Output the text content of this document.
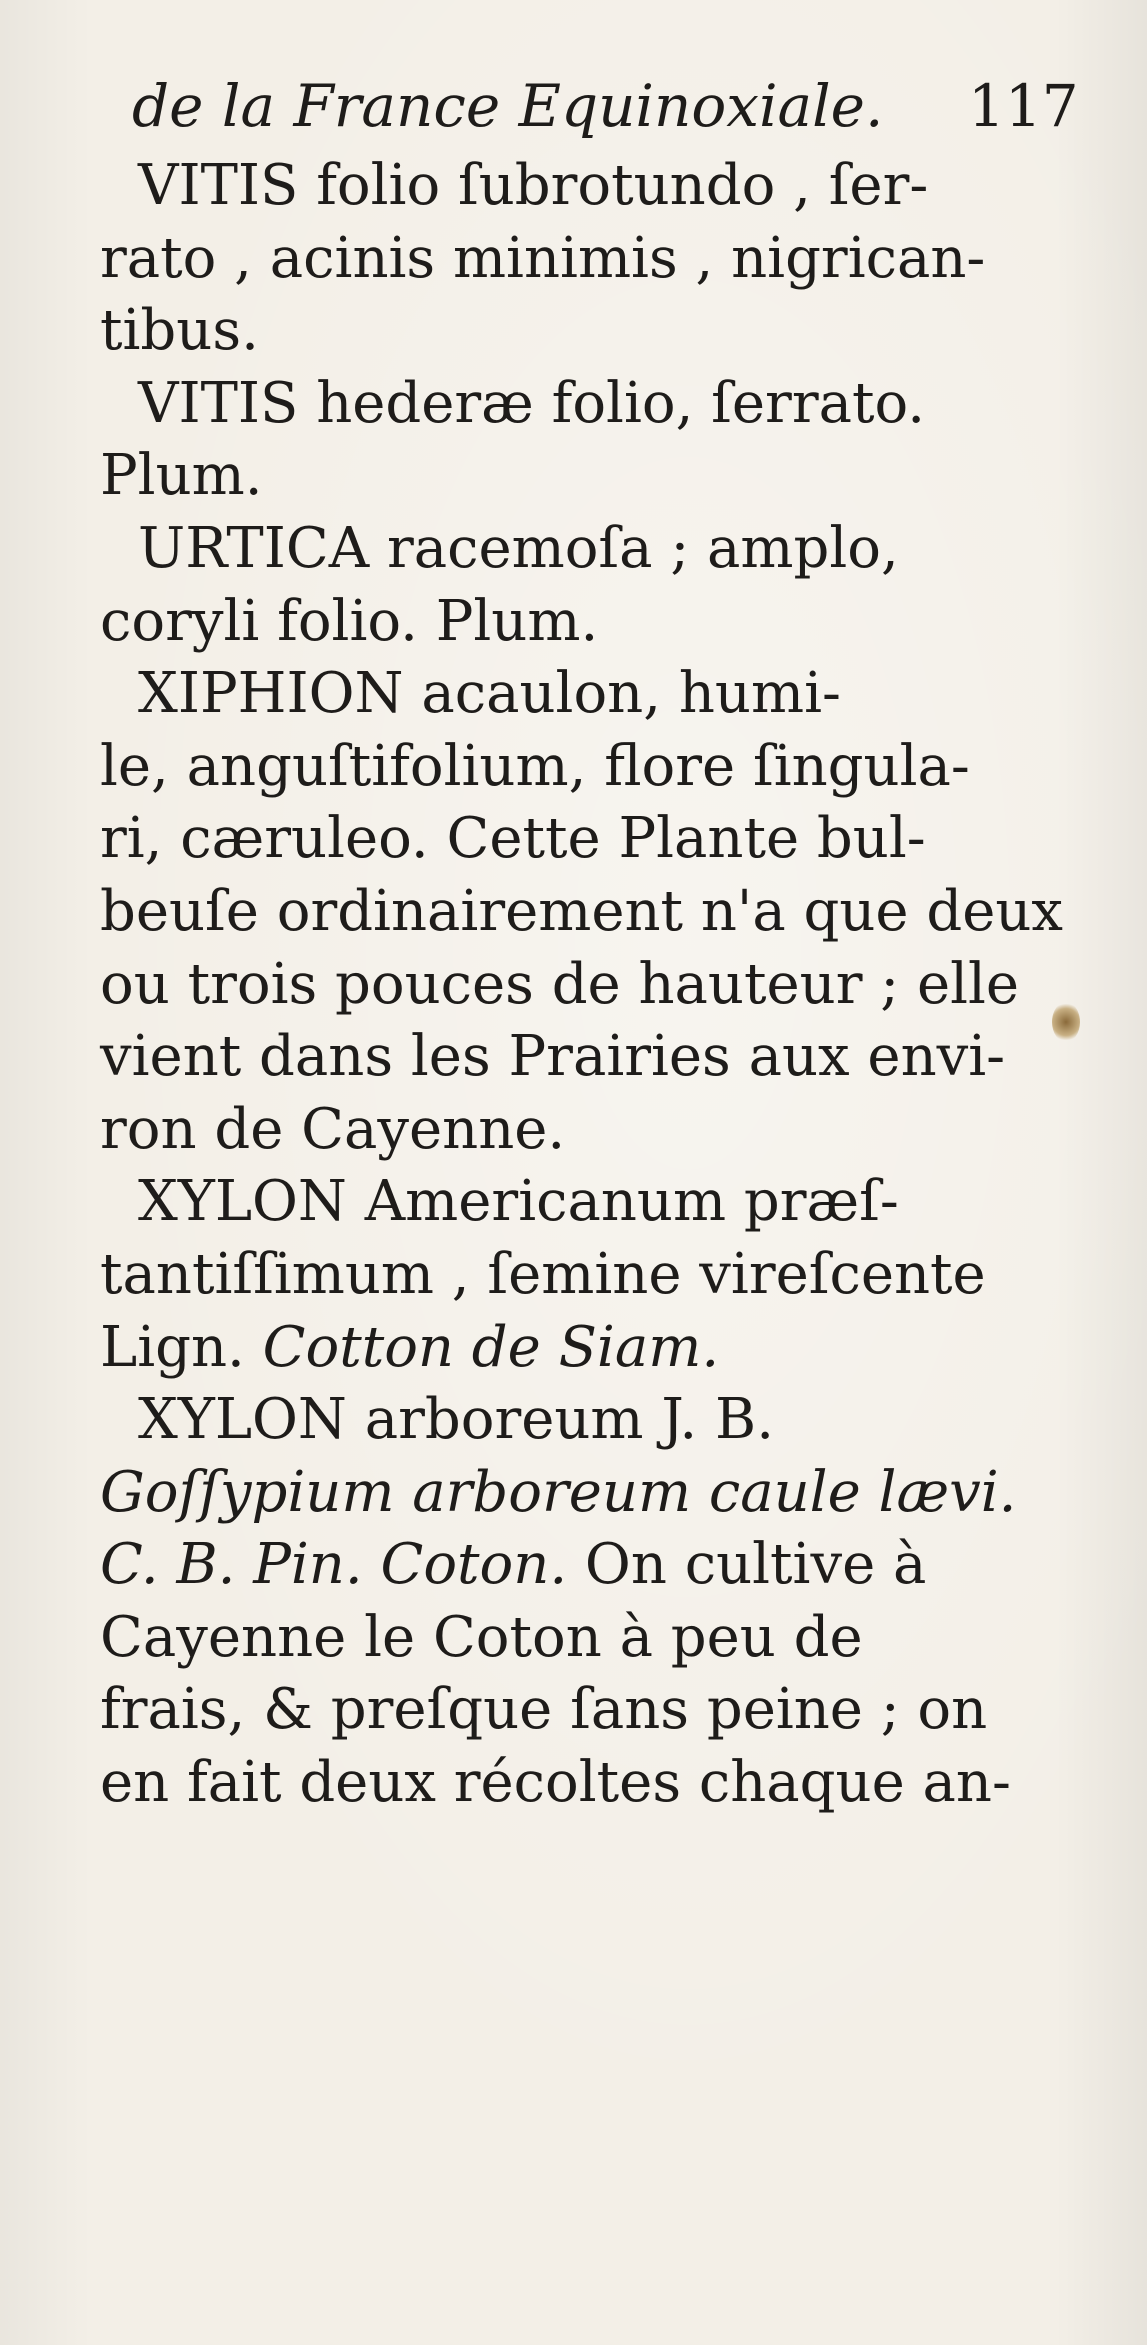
de la France Equinoxiale. 117
VITIS folio ſubrotundo , ſer-
rato , acinis minimis , nigrican-
tibus.
VITIS hederæ folio, ſerrato.
Plum.
URTICA racemoſa ; amplo,
coryli folio. Plum.
XIPHION acaulon, humi-
le, anguſtifolium, flore ſingula-
ri, cæruleo. Cette Plante bul-
beuſe ordinairement n'a que deux
ou trois pouces de hauteur ; elle
vient dans les Prairies aux envi-
ron de Cayenne.
XYLON Americanum præſ-
tantiſſimum , ſemine vireſcente
Lign. Cotton de Siam.
XYLON arboreum J. B.
Goſſypium arboreum caule lævi.
C. B. Pin. Coton. On cultive à
Cayenne le Coton à peu de
frais, & preſque ſans peine ; on
en fait deux récoltes chaque an-
